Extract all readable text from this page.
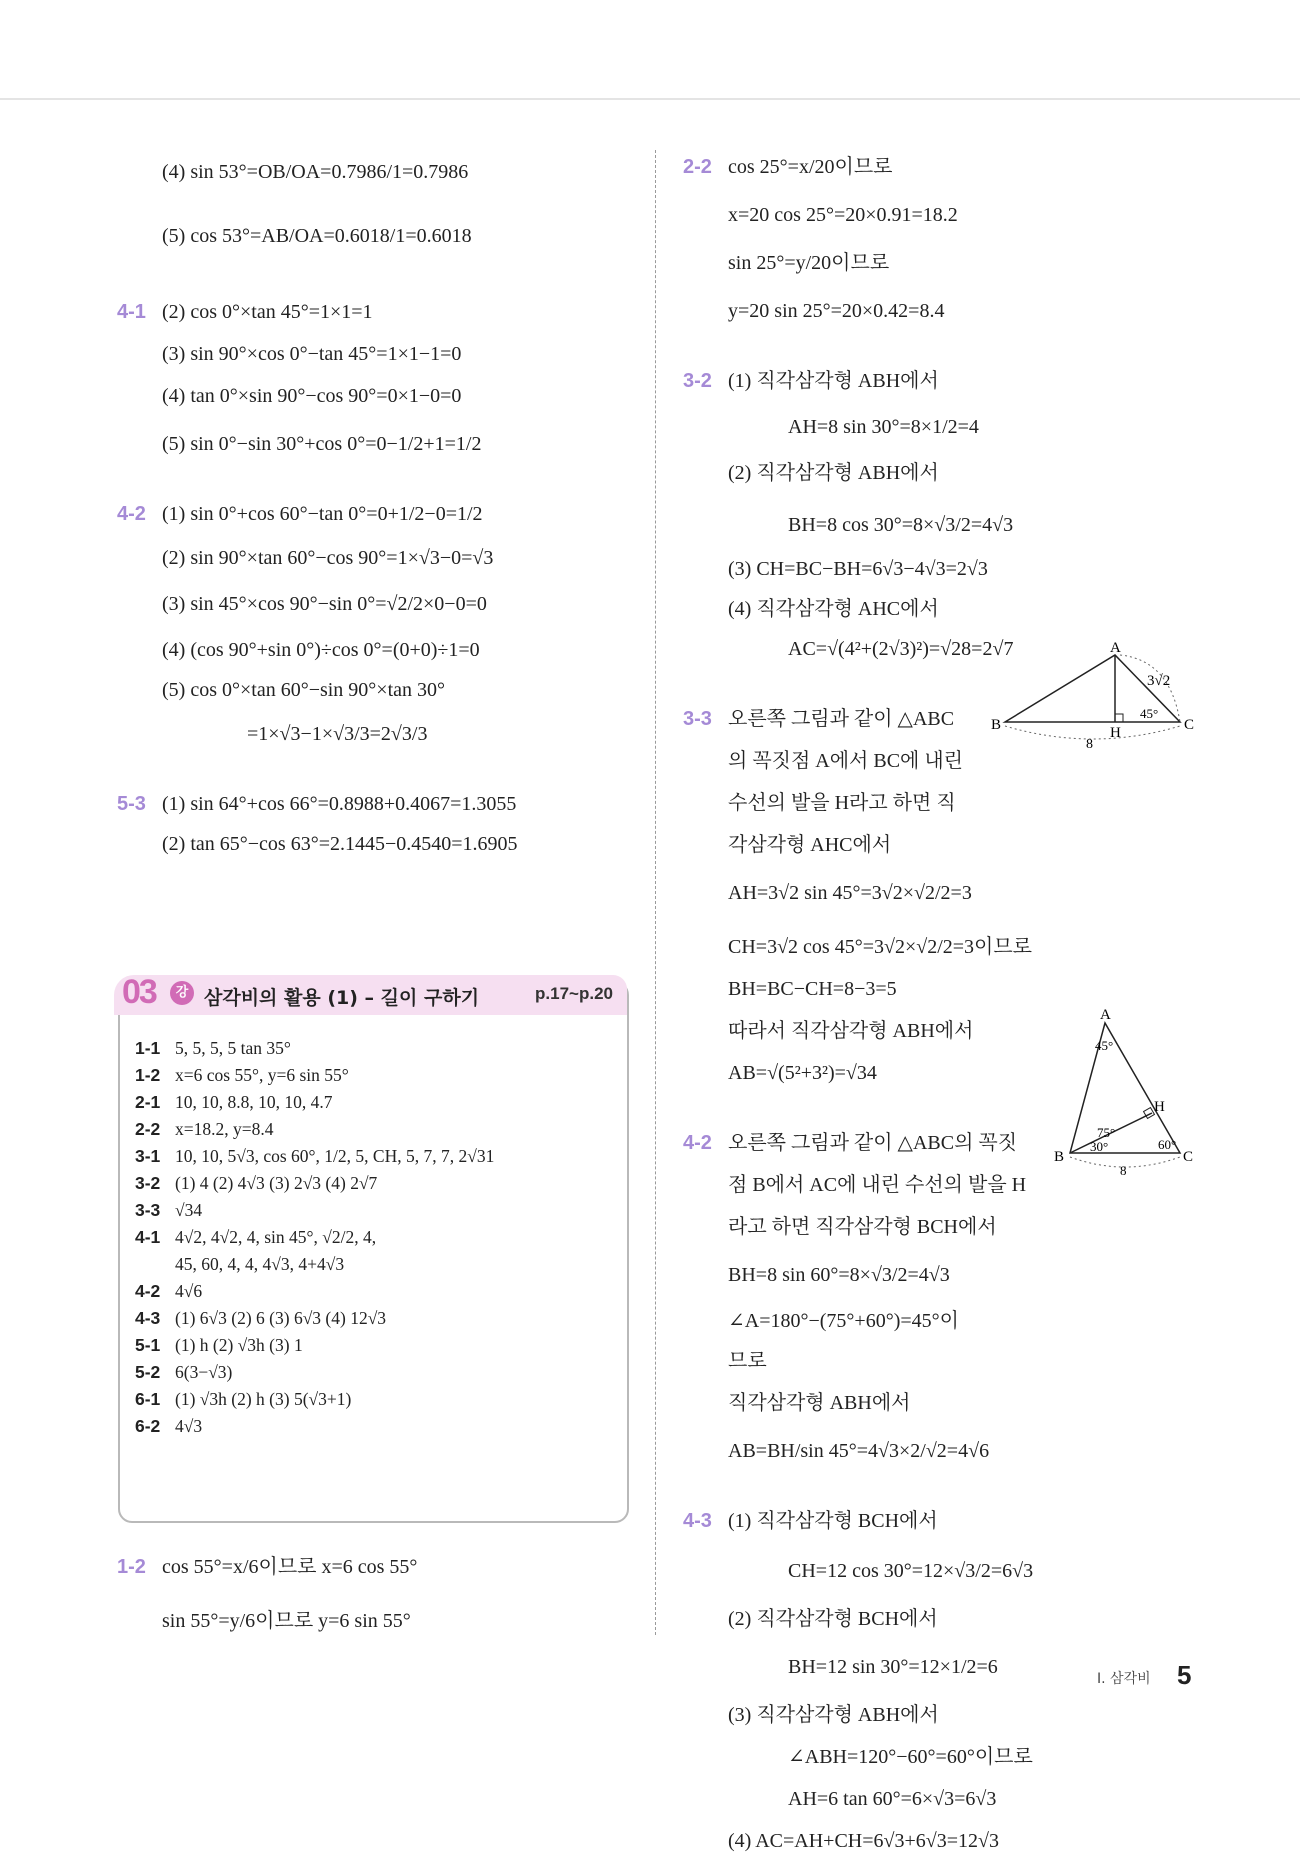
(4) sin 53°=OB/OA=0.7986/1=0.7986
(5) cos 53°=AB/OA=0.6018/1=0.6018
4-1 (2) cos 0°×tan 45°=1×1=1
(3) sin 90°×cos 0°−tan 45°=1×1−1=0
(4) tan 0°×sin 90°−cos 90°=0×1−0=0
(5) sin 0°−sin 30°+cos 0°=0−1/2+1=1/2
4-2 (1) sin 0°+cos 60°−tan 0°=0+1/2−0=1/2
(2) sin 90°×tan 60°−cos 90°=1×√3−0=√3
(3) sin 45°×cos 90°−sin 0°=√2/2×0−0=0
(4) (cos 90°+sin 0°)÷cos 0°=(0+0)÷1=0
(5) cos 0°×tan 60°−sin 90°×tan 30°
=1×√3−1×√3/3=2√3/3
5-3 (1) sin 64°+cos 66°=0.8988+0.4067=1.3055
(2) tan 65°−cos 63°=2.1445−0.4540=1.6905
03	강 삼각비의 활용 (1) – 길이 구하기	p.17~p.20
1-1 5, 5, 5, 5 tan 35°
1-2 x=6 cos 55°, y=6 sin 55°
2-1 10, 10, 8.8, 10, 10, 4.7
2-2 x=18.2, y=8.4
3-1 10, 10, 5√3, cos 60°, 1/2, 5, CH, 5, 7, 7, 2√31
3-2 (1) 4 (2) 4√3 (3) 2√3 (4) 2√7
3-3 √34
4-1 4√2, 4√2, 4, sin 45°, √2/2, 4,
45, 60, 4, 4, 4√3, 4+4√3
4-2 4√6
4-3 (1) 6√3 (2) 6 (3) 6√3 (4) 12√3
5-1 (1) h (2) √3h (3) 1
5-2 6(3−√3)
6-1 (1) √3h (2) h (3) 5(√3+1)
6-2 4√3
1-2 cos 55°=x/6이므로 x=6 cos 55°
sin 55°=y/6이므로 y=6 sin 55°
2-2 cos 25°=x/20이므로
x=20 cos 25°=20×0.91=18.2
sin 25°=y/20이므로
y=20 sin 25°=20×0.42=8.4
3-2 (1) 직각삼각형 ABH에서
AH=8 sin 30°=8×1/2=4
(2) 직각삼각형 ABH에서
BH=8 cos 30°=8×√3/2=4√3
(3) CH=BC−BH=6√3−4√3=2√3
(4) 직각삼각형 AHC에서
AC=√(4²+(2√3)²)=√28=2√7
3-3 오른쪽 그림과 같이 △ABC
의 꼭짓점 A에서 BC에 내린
수선의 발을 H라고 하면 직
각삼각형 AHC에서
AH=3√2 sin 45°=3√2×√2/2=3
CH=3√2 cos 45°=3√2×√2/2=3이므로
BH=BC−CH=8−3=5
따라서 직각삼각형 ABH에서
AB=√(5²+3²)=√34
4-2 오른쪽 그림과 같이 △ABC의 꼭짓
점 B에서 AC에 내린 수선의 발을 H
라고 하면 직각삼각형 BCH에서
BH=8 sin 60°=8×√3/2=4√3
∠A=180°−(75°+60°)=45°이
므로
직각삼각형 ABH에서
AB=BH/sin 45°=4√3×2/√2=4√6
4-3 (1) 직각삼각형 BCH에서
CH=12 cos 30°=12×√3/2=6√3
(2) 직각삼각형 BCH에서
BH=12 sin 30°=12×1/2=6
(3) 직각삼각형 ABH에서
∠ABH=120°−60°=60°이므로
AH=6 tan 60°=6×√3=6√3
(4) AC=AH+CH=6√3+6√3=12√3
A
B	C
H
3√2
45°
8
A
B	C
H
45°
75°
30°	60°
8
I. 삼각비 5
